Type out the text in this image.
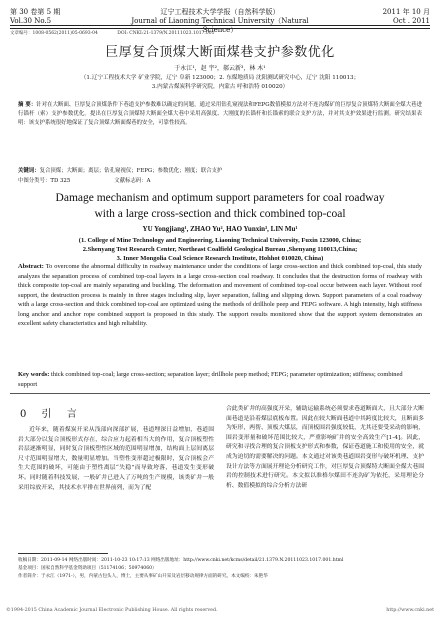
第 30 卷第 5 期
Vol.30 No.5
辽宁工程技术大学学报（自然科学版）
Journal of Liaoning Technical University（Natural Science）
2011 年 10 月
Oct . 2011
文章编号：1008-0562(2011)05-0693-04	DOI: CNKI:21-1379/N.20111023.1017.001
巨厚复合顶煤大断面煤巷支护参数优化
于永江¹，赵 宇²，郝云新³，林 木¹
（1.辽宁工程技术大学 矿业学院，辽宁 阜新 123000；2. 东煤地质局 沈阳测试研究中心，辽宁 沈阳 110013；
3.内蒙古煤炭科学研究院，内蒙古 呼和浩特 010020）
摘 要：针对在大断面、巨厚复合顶煤条件下巷道支护参数难以确定的问题，通过采用钻孔窥视法和FEPG数值模拟方法对不连沟煤矿的巨厚复合顶煤特大断面全煤大巷进行锚杆（索）支护参数优化。提出在巨厚复合顶煤特大断面全煤大巷中采用高强度、大刚度的长锚杆和长锚索的联合支护方法，并对其支护效果进行监测。研究结果表明：该支护系统很好地保证了复合顶煤大断面煤巷的安全，可靠性较高。
关键词：复合顶煤；大断面；离层；钻孔窥视仪；FEPG；参数优化；刚度；联合支护
中图分类号：TD 325	文献标志码：A
Damage mechanism and optimum support parameters for coal roadway
with a large cross-section and thick combined top-coal
YU Yongjiang¹, ZHAO Yu², HAO Yunxin³, LIN Mu¹
(1. College of Mine Technology and Engineering, Liaoning Technical University, Fuxin 123000, China;
2.Shenyang Test Research Center, Northeast Coalfield Geological Bureau ,Shenyang 110013,China;
3. Inner Mongolia Coal Science Research Institute, Hohhot 010020, China)
Abstract: To overcome the abnormal difficulty in roadway maintenance under the conditions of large cross-section and thick combined top-coal, this study analyzes the separation process of combined top-coal layers in a large cross-section coal roadway. It concludes that the destruction forms of roadway with thick composite top-coal are mainly separating and buckling. The deformation and movement of combined top-coal occur between each layer. Without roof support, the destruction process is mainly in three stages including slip, layer separation, falling and slipping down. Support parameters of a coal roadway with a large cross-section and thick combined top-coal are optimized using the methods of drillhole peep and FEPG software. A high intensity, high stiffness long anchor and anchor rope combined support is proposed in this study. The support results monitored show that the support system demonstrates an excellent safety characteristics and high reliability.
Key words: thick combined top-coal; large cross-section; separation layer; drillhole peep method; FEPG; parameter optimization; stiffness; combined support
0 引 言
近年来，随着煤炭开采从浅部向深部扩展，巷道埋深日益增加，巷道围岩大部分以复合顶板形式存在，综合应力起着相当大的作用，复合顶板塑性岩层逐渐明显，同时复合顶板塑性区域的范围明显增加，结构面上层间离层尺寸范围明显增大，数量明显增加。当塑性变形超过极限时，复合顶板会产生大范围的破坏，可能由于塑性离层“失稳”而导致垮落，巷道发生变形破坏。同时随着科技发展，一般矿井已进入了万吨的生产规模，该类矿井一般采用综放开采，其技术水平排在世界前列，而为了配
合此类矿井的高强度开采，辅助运输系统必须要求巷道断面大，且大部分大断面巷道是沿着煤层底板布置。因此在较大断面巷道中其跨度比较大，且断面多为矩形，两帮、顶板大煤层，而顶板围岩强度较低，尤其还要受采动的影响，围岩变形量和破坏范围比较大，严重影响矿井的安全高效生产[1-4]。因此，研究和寻找合理的复合顶板支护形式和参数，保证巷道施工和使用的安全，就成为迫切的需要解决的问题。本文通过对该类巷道围岩变形与破坏机理、支护设计方法等方面展开理论分析研究工作，对巨厚复合顶煤特大断面全煤大巷围岩的控制技术进行研究。本文拟以准格尔煤田不连沟矿为依托，采用理论分析、数值模拟的综合分析方法研
收稿日期：2011-09-14 网络出版时间：2011-10-23 10:17:13 网络出版地址：http://www.cnki.net/kcms/detail/21.1379.N.20111023.1017.001.html
基金项目：国家自然科学基金资助项目（51174106；50974060）
作者简介：于永江（1971-），男，内蒙古包头人，博士，主要从事矿山开采及岩层移动规律方面的研究。本文编校：朱艳华
©1994-2015 China Academic Journal Electronic Publishing House. All rights reserved.	http://www.cnki.net
